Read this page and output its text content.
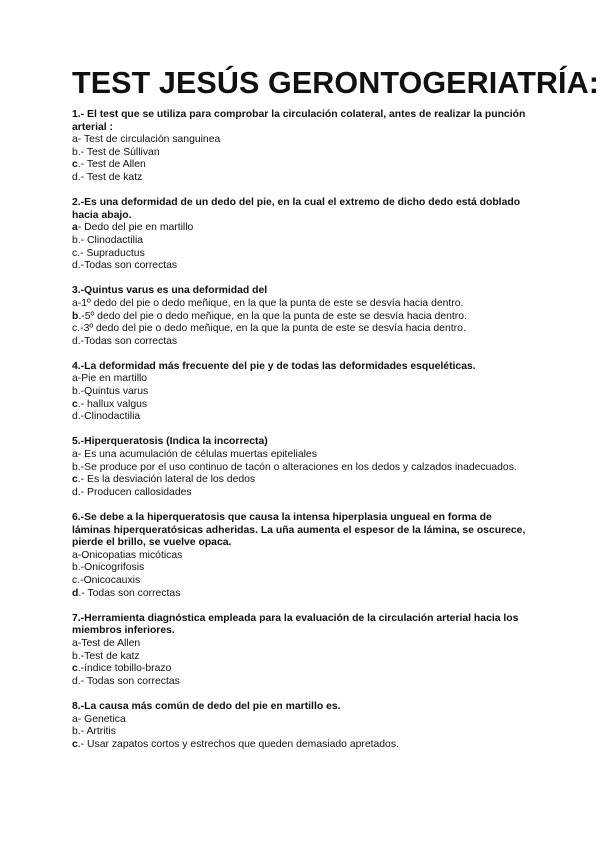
TEST JESÚS GERONTOGERIATRÍA:
1.- El test que se utiliza para comprobar la circulación colateral, antes de realizar la punción arterial :
a- Test de circulación sanguinea
b.- Test de Súllivan
c.- Test de Allen
d.- Test de katz
2.-Es una deformidad de un dedo del pie, en la cual el extremo de dicho dedo está doblado hacia abajo.
a- Dedo del pie en martillo
b.- Clinodactilia
c.- Supraductus
d.-Todas son correctas
3.-Quintus varus es una deformidad del
a-1º dedo del pie o dedo meñique, en la que la punta de este se desvía hacia dentro.
b.-5º dedo del pie o dedo meñique, en la que la punta de este se desvía hacia dentro.
c.-3º dedo del pie o dedo meñique, en la que la punta de este se desvía hacia dentro.
d.-Todas son correctas
4.-La deformidad más frecuente del pie y de todas las deformidades esqueléticas.
a-Pie en martillo
b.-Quintus varus
c.- hallux valgus
d.-Clinodactilia
5.-Hiperqueratosis (Indica la incorrecta)
a- Es una acumulación de células muertas epiteliales
b.-Se produce por el uso continuo de tacón o alteraciones en los dedos y calzados inadecuados.
c.- Es la desviación lateral de los dedos
d.- Producen callosidades
6.-Se debe a la hiperqueratosis que causa la intensa hiperplasia ungueal en forma de láminas hiperqueratósicas adheridas. La uña aumenta el espesor de la lámina, se oscurece, pierde el brillo, se vuelve opaca.
a-Onicopatias micóticas
b.-Onicogrifosis
c.-Onicocauxis
d.- Todas son correctas
7.-Herramienta diagnóstica empleada para la evaluación de la circulación arterial hacia los miembros inferiores.
a-Test de Allen
b.-Test de katz
c.-índice tobillo-brazo
d.- Todas son correctas
8.-La causa más común de dedo del pie en martillo es.
a- Genetica
b.- Artritis
c.- Usar zapatos cortos y estrechos que queden demasiado apretados.
